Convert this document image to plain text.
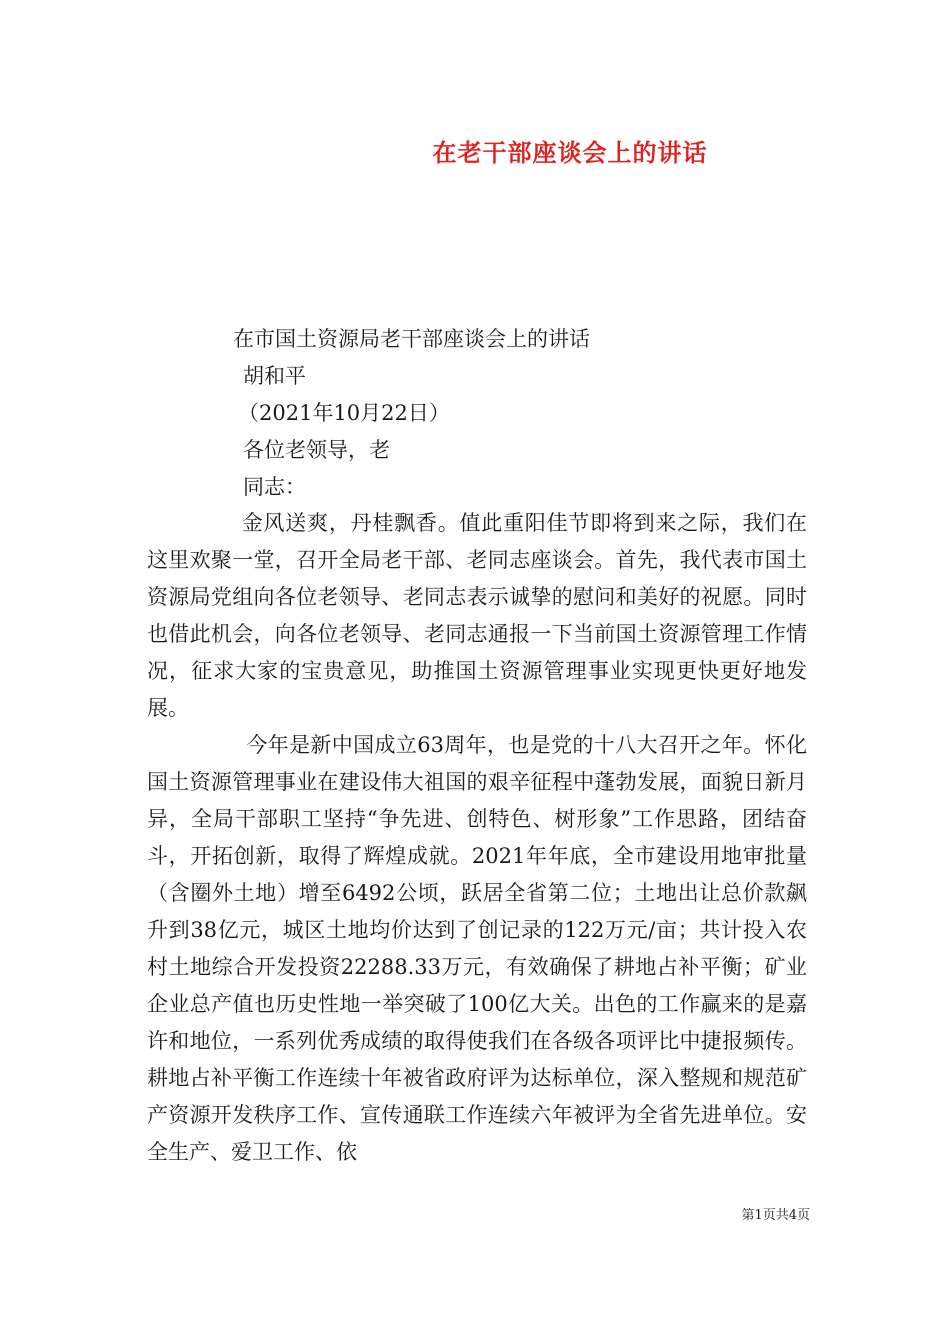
在老干部座谈会上的讲话
在市国土资源局老干部座谈会上的讲话
胡和平
（2021年10月22日）
各位老领导，老
同志：

金风送爽，丹桂飘香。值此重阳佳节即将到来之际，我们在这里欢聚一堂，召开全局老干部、老同志座谈会。首先，我代表市国土资源局党组向各位老领导、老同志表示诚挚的慰问和美好的祝愿。同时也借此机会，向各位老领导、老同志通报一下当前国土资源管理工作情况，征求大家的宝贵意见，助推国土资源管理事业实现更快更好地发展。

今年是新中国成立63周年，也是党的十八大召开之年。怀化国土资源管理事业在建设伟大祖国的艰辛征程中蓬勃发展，面貌日新月异，全局干部职工坚持“争先进、创特色、树形象”工作思路，团结奋斗，开拓创新，取得了辉煌成就。2021年年底，全市建设用地审批量（含圈外土地）增至6492公顷，跃居全省第二位；土地出让总价款飙升到38亿元，城区土地均价达到了创记录的122万元/亩；共计投入农村土地综合开发投资22288.33万元，有效确保了耕地占补平衡；矿业企业总产值也历史性地一举突破了100亿大关。出色的工作赢来的是嘉许和地位，一系列优秀成绩的取得使我们在各级各项评比中捷报频传。耕地占补平衡工作连续十年被省政府评为达标单位，深入整规和规范矿产资源开发秩序工作、宣传通联工作连续六年被评为全省先进单位。安全生产、爱卫工作、依

第1页共4页
